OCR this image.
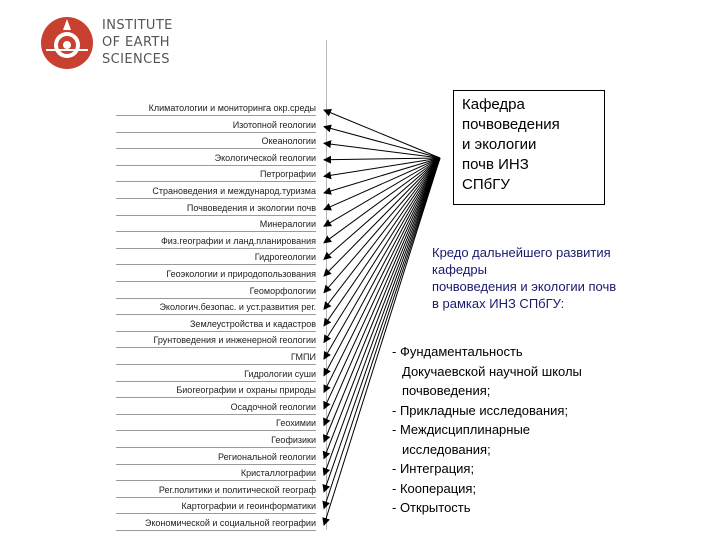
INSTITUTE
OF EARTH
SCIENCES
Климатологии и мониторинга окр.среды
Изотопной геологии
Океанологии
Экологической геологии
Петрографии
Страноведения и международ.туризма
Почвоведения и экологии почв
Минералогии
Физ.географии и ланд.планирования
Гидрогеологии
Геоэкологии и природопользования
Геоморфологии
Экологич.безопас. и уст.развития рег.
Землеустройства и кадастров
Грунтоведения и инженерной геологии
ГМПИ
Гидрологии суши
Биогеографии и охраны природы
Осадочной геологии
Геохимии
Геофизики
Региональной геологии
Кристаллографии
Рег.политики и политической географ
Картографии и геоинформатики
Экономической и социальной географии
Кафедра
почвоведения
и экологии
почв ИНЗ
СПбГУ
Кредо дальнейшего развития
кафедры
почвоведения и экологии почв
в рамках ИНЗ СПбГУ:
- Фундаментальность
Докучаевской научной школы
почвоведения;
- Прикладные исследования;
- Междисциплинарные
исследования;
- Интеграция;
- Кооперация;
- Открытость
